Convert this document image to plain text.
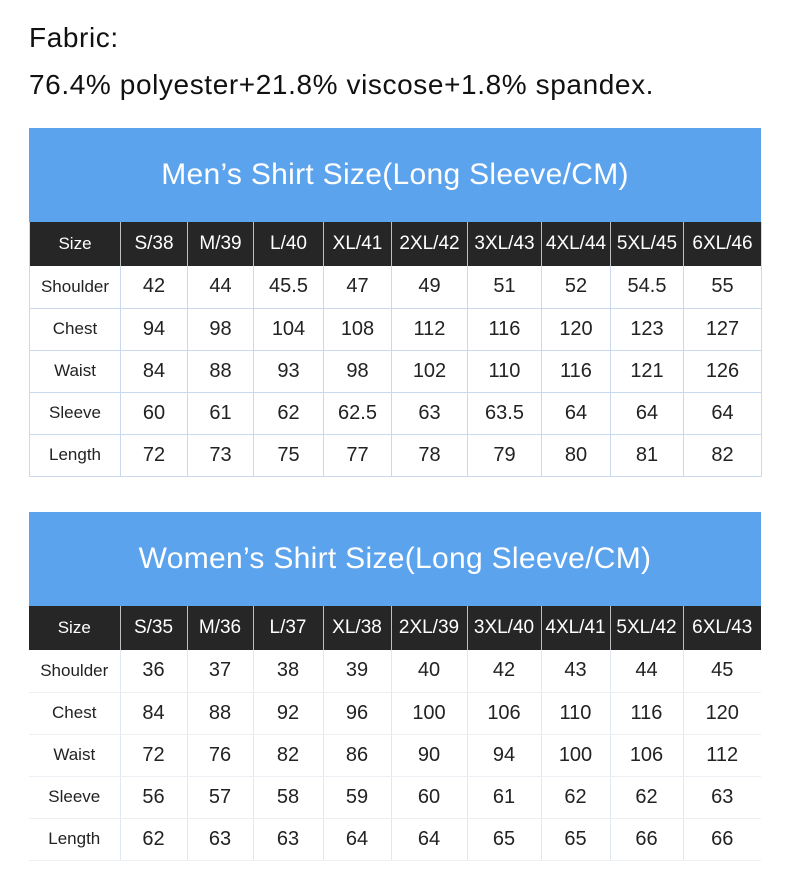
Fabric:
76.4% polyester+21.8% viscose+1.8% spandex.
Men’s Shirt Size(Long Sleeve/CM)
Size	S/38	M/39	L/40	XL/41	2XL/42	3XL/43	4XL/44	5XL/45	6XL/46
Shoulder	42	44	45.5	47	49	51	52	54.5	55
Chest	94	98	104	108	112	116	120	123	127
Waist	84	88	93	98	102	110	116	121	126
Sleeve	60	61	62	62.5	63	63.5	64	64	64
Length	72	73	75	77	78	79	80	81	82
Women’s Shirt Size(Long Sleeve/CM)
Size	S/35	M/36	L/37	XL/38	2XL/39	3XL/40	4XL/41	5XL/42	6XL/43
Shoulder	36	37	38	39	40	42	43	44	45
Chest	84	88	92	96	100	106	110	116	120
Waist	72	76	82	86	90	94	100	106	112
Sleeve	56	57	58	59	60	61	62	62	63
Length	62	63	63	64	64	65	65	66	66
